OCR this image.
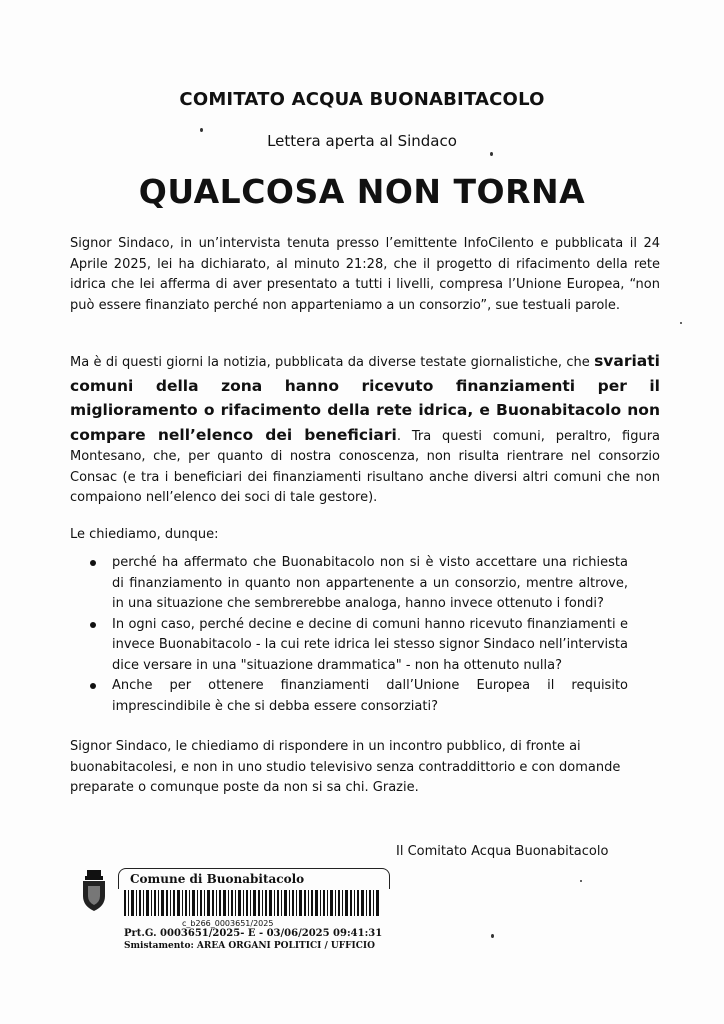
COMITATO ACQUA BUONABITACOLO
Lettera aperta al Sindaco
QUALCOSA NON TORNA
Signor Sindaco, in un’intervista tenuta presso l’emittente InfoCilento e pubblicata il 24 Aprile 2025, lei ha dichiarato, al minuto 21:28, che il progetto di rifacimento della rete idrica che lei afferma di aver presentato a tutti i livelli, compresa l’Unione Europea, “non può essere finanziato perché non apparteniamo a un consorzio”, sue testuali parole.
Ma è di questi giorni la notizia, pubblicata da diverse testate giornalistiche, che svariati comuni della zona hanno ricevuto finanziamenti per il miglioramento o rifacimento della rete idrica, e Buonabitacolo non compare nell’elenco dei beneficiari. Tra questi comuni, peraltro, figura Montesano, che, per quanto di nostra conoscenza, non risulta rientrare nel consorzio Consac (e tra i beneficiari dei finanziamenti risultano anche diversi altri comuni che non compaiono nell’elenco dei soci di tale gestore).
Le chiediamo, dunque:
perché ha affermato che Buonabitacolo non si è visto accettare una richiesta di finanziamento in quanto non appartenente a un consorzio, mentre altrove, in una situazione che sembrerebbe analoga, hanno invece ottenuto i fondi?
In ogni caso, perché decine e decine di comuni hanno ricevuto finanziamenti e invece Buonabitacolo - la cui rete idrica lei stesso signor Sindaco nell’intervista dice versare in una "situazione drammatica" - non ha ottenuto nulla?
Anche per ottenere finanziamenti dall’Unione Europea il requisito imprescindibile è che si debba essere consorziati?
Signor Sindaco, le chiediamo di rispondere in un incontro pubblico, di fronte ai buonabitacolesi, e non in uno studio televisivo senza contraddittorio e con domande preparate o comunque poste da non si sa chi. Grazie.
Il Comitato Acqua Buonabitacolo
Comune di Buonabitacolo
c_b266_0003651/2025
Prt.G. 0003651/2025- E - 03/06/2025 09:41:31
Smistamento: AREA ORGANI POLITICI / UFFICIO
